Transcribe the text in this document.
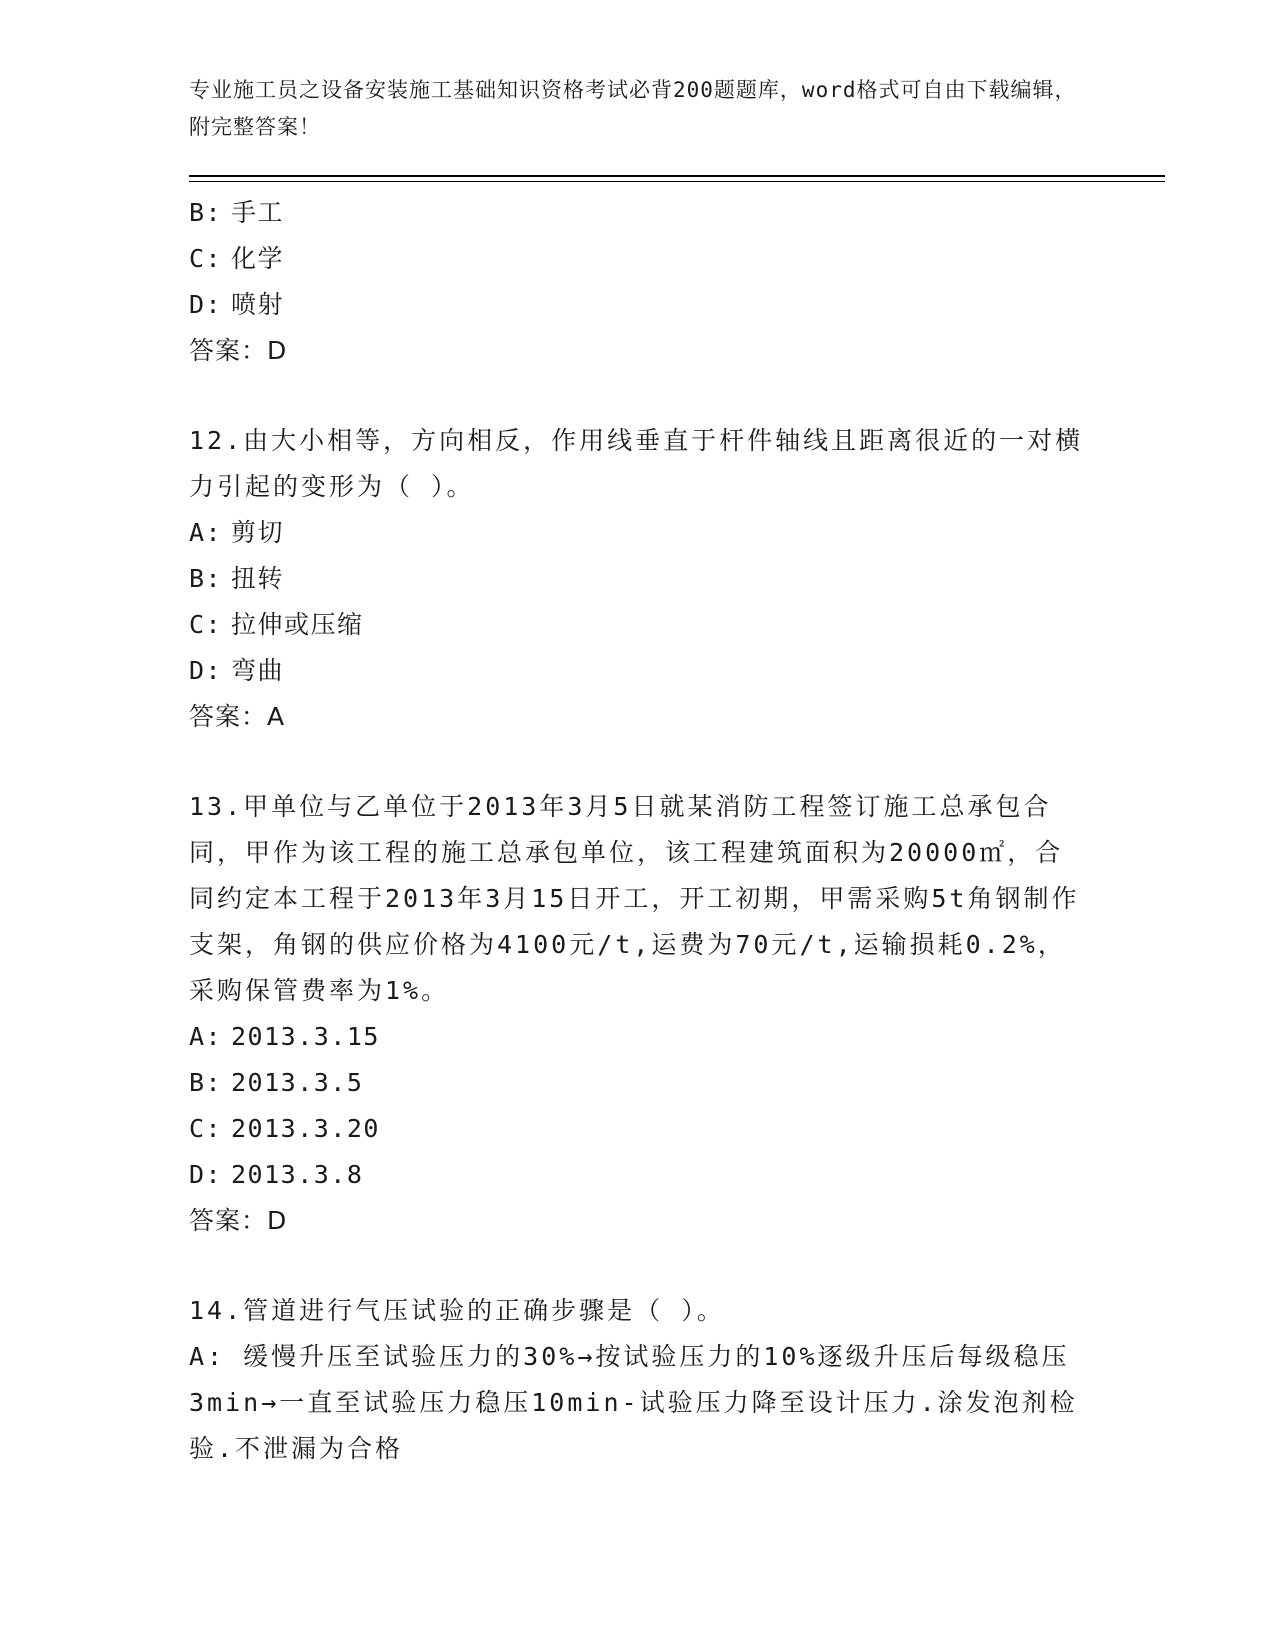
专业施工员之设备安装施工基础知识资格考试必背200题题库，word格式可自由下载编辑，附完整答案！
B: 手工
C: 化学
D: 喷射
答案：D
12.由大小相等，方向相反，作用线垂直于杆件轴线且距离很近的一对横力引起的变形为（ ）。
A: 剪切
B: 扭转
C: 拉伸或压缩
D: 弯曲
答案：A
13.甲单位与乙单位于2013年3月5日就某消防工程签订施工总承包合同，甲作为该工程的施工总承包单位，该工程建筑面积为20000㎡，合同约定本工程于2013年3月15日开工，开工初期，甲需采购5t角钢制作支架，角钢的供应价格为4100元/t,运费为70元/t,运输损耗0.2%，采购保管费率为1%。
A: 2013.3.15
B: 2013.3.5
C: 2013.3.20
D: 2013.3.8
答案：D
14.管道进行气压试验的正确步骤是（ ）。
A: 缓慢升压至试验压力的30%→按试验压力的10%逐级升压后每级稳压3min→一直至试验压力稳压10min-试验压力降至设计压力.涂发泡剂检验.不泄漏为合格
